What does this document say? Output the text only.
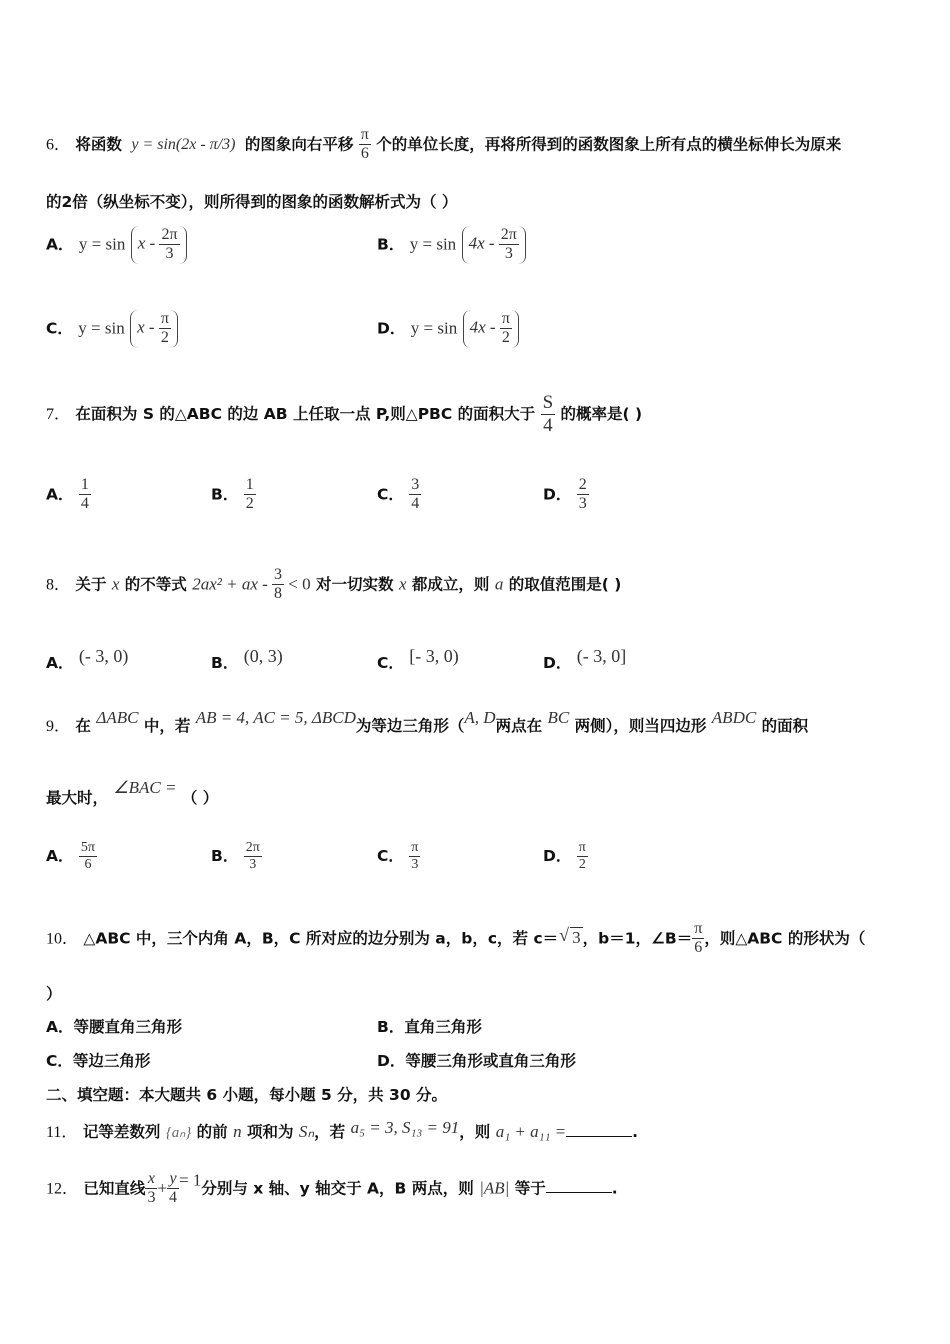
6． 将函数 y = sin(2x - π/3) 的图象向右平移 $\frac{\pi}{6}$ 个的单位长度，再将所得到的函数图象上所有点的横坐标伸长为原来
的2倍（纵坐标不变），则所得到的图象的函数解析式为（ ）
A． $y = \sin x - \frac{2\pi}{3}$	B． $y = \sin 4x - \frac{2\pi}{3}$
C． $y = \sin x - \frac{\pi}{2}$	D． $y = \sin 4x - \frac{\pi}{2}$
7． 在面积为 S 的△ABC 的边 AB 上任取一点 P,则△PBC 的面积大于 $\frac{S}{4}$ 的概率是( )
A． $\frac{1}{4}$	B． $\frac{1}{2}$	C． $\frac{3}{4}$	D． $\frac{2}{3}$
8． 关于 x 的不等式 2ax² + ax - $\frac{3}{8} < 0$ 对一切实数 x 都成立，则 a 的取值范围是( )
A． (- 3, 0)	B． (0, 3)	C． [- 3, 0)	D． (- 3, 0]
9． 在 ΔABC 中，若 AB = 4, AC = 5, ΔBCD为等边三角形（A, D两点在 BC 两侧），则当四边形 ABDC 的面积
最大时， ∠BAC = （ ）
A． $\frac{5\pi}{6}$	B． $\frac{2\pi}{3}$	C． $\frac{\pi}{3}$	D． $\frac{\pi}{2}$
10． △ABC 中，三个内角 A，B，C 所对应的边分别为 a，b，c，若 c＝√ 3 ，b＝1，∠B＝ $\frac{\pi}{6}$ ，则△ABC 的形状为（
）
A．等腰直角三角形	B．直角三角形
C．等边三角形	D．等腰三角形或直角三角形
二、填空题：本大题共 6 小题，每小题 5 分，共 30 分。
11． 记等差数列 {aₙ} 的前 n 项和为 Sₙ，若 a₅ = 3, S₁₃ = 91，则 a₁ + a₁₁ =	.
12． 已知直线 $\frac{x}{3} + \frac{y}{4} = 1$分别与 x 轴、y 轴交于 A，B 两点，则 |AB| 等于	.
